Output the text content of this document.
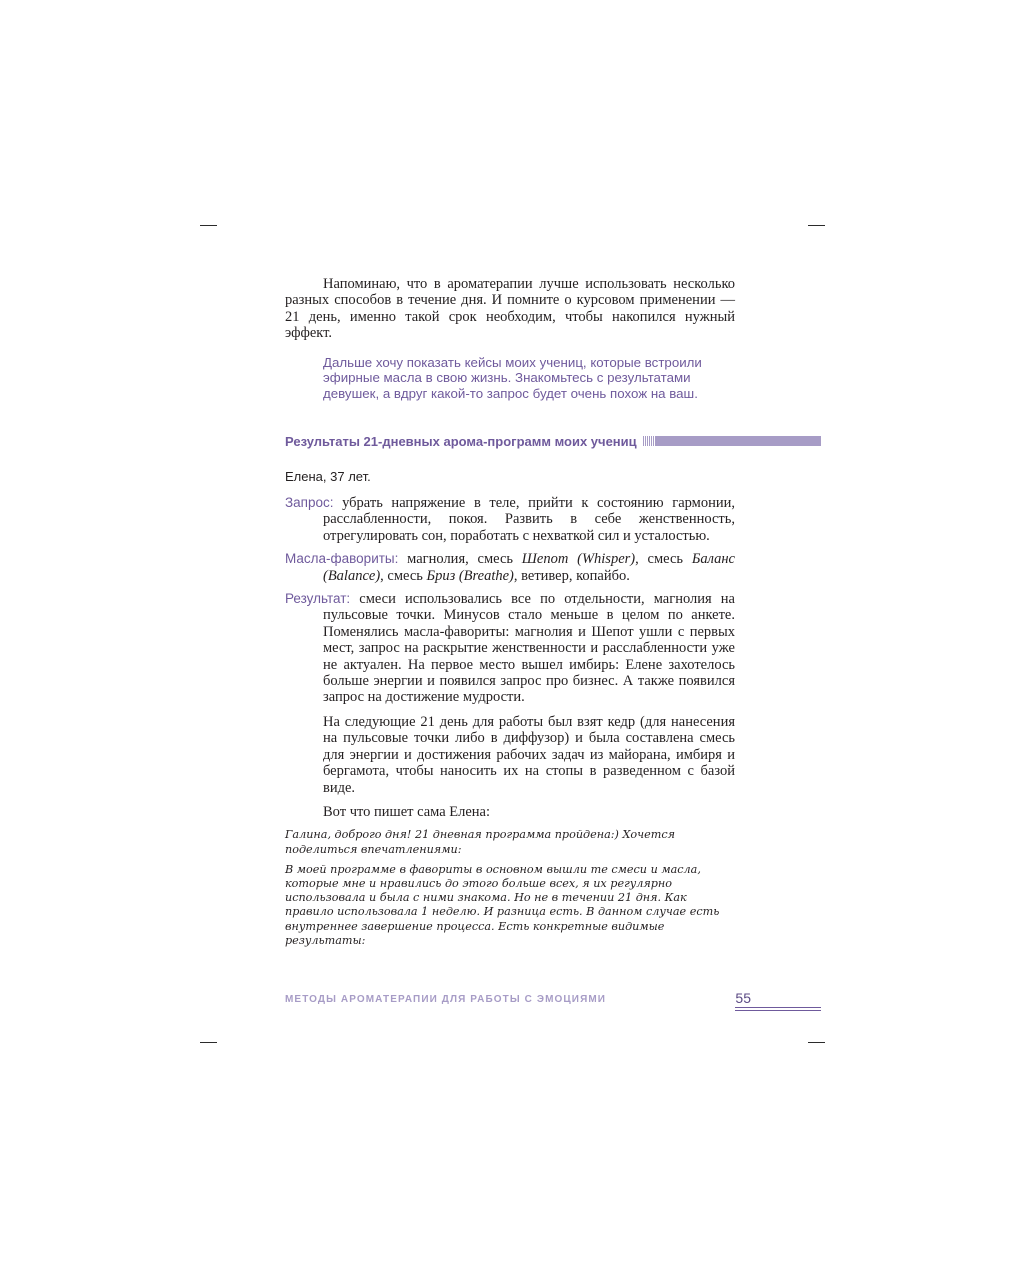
Напоминаю, что в ароматерапии лучше использовать несколько разных способов в течение дня. И помните о курсовом применении — 21 день, именно такой срок необходим, чтобы накопился нужный эффект.

Дальше хочу показать кейсы моих учениц, которые встроили эфирные масла в свою жизнь. Знакомьтесь с результатами девушек, а вдруг какой-то запрос будет очень похож на ваш.

Результаты 21-дневных арома-программ моих учениц

Елена, 37 лет.

Запрос: убрать напряжение в теле, прийти к состоянию гармонии, расслабленности, покоя. Развить в себе женственность, отрегулировать сон, поработать с нехваткой сил и усталостью.

Масла-фавориты: магнолия, смесь Шепот (Whisper), смесь Баланс (Balance), смесь Бриз (Breathe), ветивер, копайбо.

Результат: смеси использовались все по отдельности, магнолия на пульсовые точки. Минусов стало меньше в целом по анкете. Поменялись масла-фавориты: магнолия и Шепот ушли с первых мест, запрос на раскрытие женственности и расслабленности уже не актуален. На первое место вышел имбирь: Елене захотелось больше энергии и появился запрос про бизнес. А также появился запрос на достижение мудрости.

На следующие 21 день для работы был взят кедр (для нанесения на пульсовые точки либо в диффузор) и была составлена смесь для энергии и достижения рабочих задач из майорана, имбиря и бергамота, чтобы наносить их на стопы в разведенном с базой виде.

Вот что пишет сама Елена:

Галина, доброго дня! 21 дневная программа пройдена:) Хочется поделиться впечатлениями:

В моей программе в фавориты в основном вышли те смеси и масла, которые мне и нравились до этого больше всех, я их регулярно использовала и была с ними знакома. Но не в течении 21 дня. Как правило использовала 1 неделю. И разница есть. В данном случае есть внутреннее завершение процесса. Есть конкретные видимые результаты:

МЕТОДЫ АРОМАТЕРАПИИ ДЛЯ РАБОТЫ С ЭМОЦИЯМИ	55
